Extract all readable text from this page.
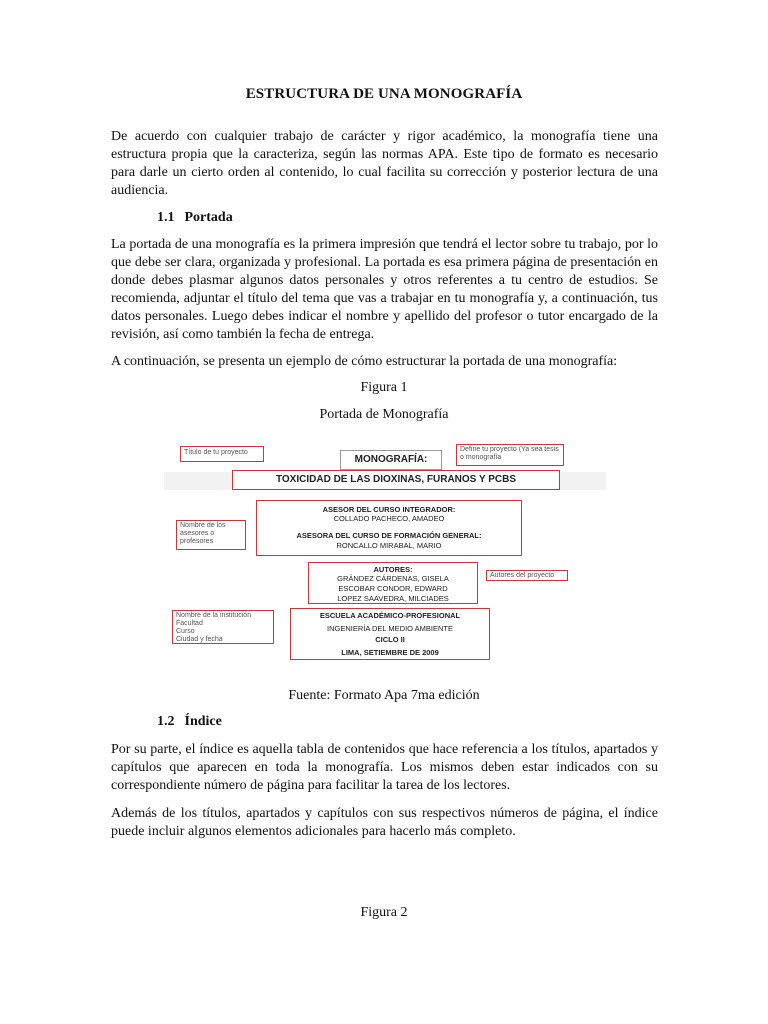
ESTRUCTURA DE UNA MONOGRAFÍA

De acuerdo con cualquier trabajo de carácter y rigor académico, la monografía tiene una estructura propia que la caracteriza, según las normas APA. Este tipo de formato es necesario para darle un cierto orden al contenido, lo cual facilita su corrección y posterior lectura de una audiencia.

1.1 Portada

La portada de una monografía es la primera impresión que tendrá el lector sobre tu trabajo, por lo que debe ser clara, organizada y profesional. La portada es esa primera página de presentación en donde debes plasmar algunos datos personales y otros referentes a tu centro de estudios. Se recomienda, adjuntar el título del tema que vas a trabajar en tu monografía y, a continuación, tus datos personales. Luego debes indicar el nombre y apellido del profesor o tutor encargado de la revisión, así como también la fecha de entrega.

A continuación, se presenta un ejemplo de cómo estructurar la portada de una monografía:

Figura 1
Portada de Monografía
Título de tu proyecto
MONOGRAFÍA:
Define tu proyecto (Ya sea tesis o monografía
TOXICIDAD DE LAS DIOXINAS, FURANOS Y PCBS
Nombre de los asesores o profesores
ASESOR DEL CURSO INTEGRADOR:
COLLADO PACHECO, AMADEO
ASESORA DEL CURSO DE FORMACIÓN GENERAL:
RONCALLO MIRABAL, MARIO
AUTORES:
GRÁNDEZ CÁRDENAS, GISELA
ESCOBAR CONDOR, EDWARD
LOPEZ SAAVEDRA, MILCIADES
Autores del proyecto
Nombre de la institución
Facultad
Curso
Ciudad y fecha
ESCUELA ACADÉMICO-PROFESIONAL
INGENIERÍA DEL MEDIO AMBIENTE
CICLO II
LIMA, SETIEMBRE DE 2009
Fuente: Formato Apa 7ma edición
1.2 Índice

Por su parte, el índice es aquella tabla de contenidos que hace referencia a los títulos, apartados y capítulos que aparecen en toda la monografía. Los mismos deben estar indicados con su correspondiente número de página para facilitar la tarea de los lectores.

Además de los títulos, apartados y capítulos con sus respectivos números de página, el índice puede incluir algunos elementos adicionales para hacerlo más completo.

Figura 2
